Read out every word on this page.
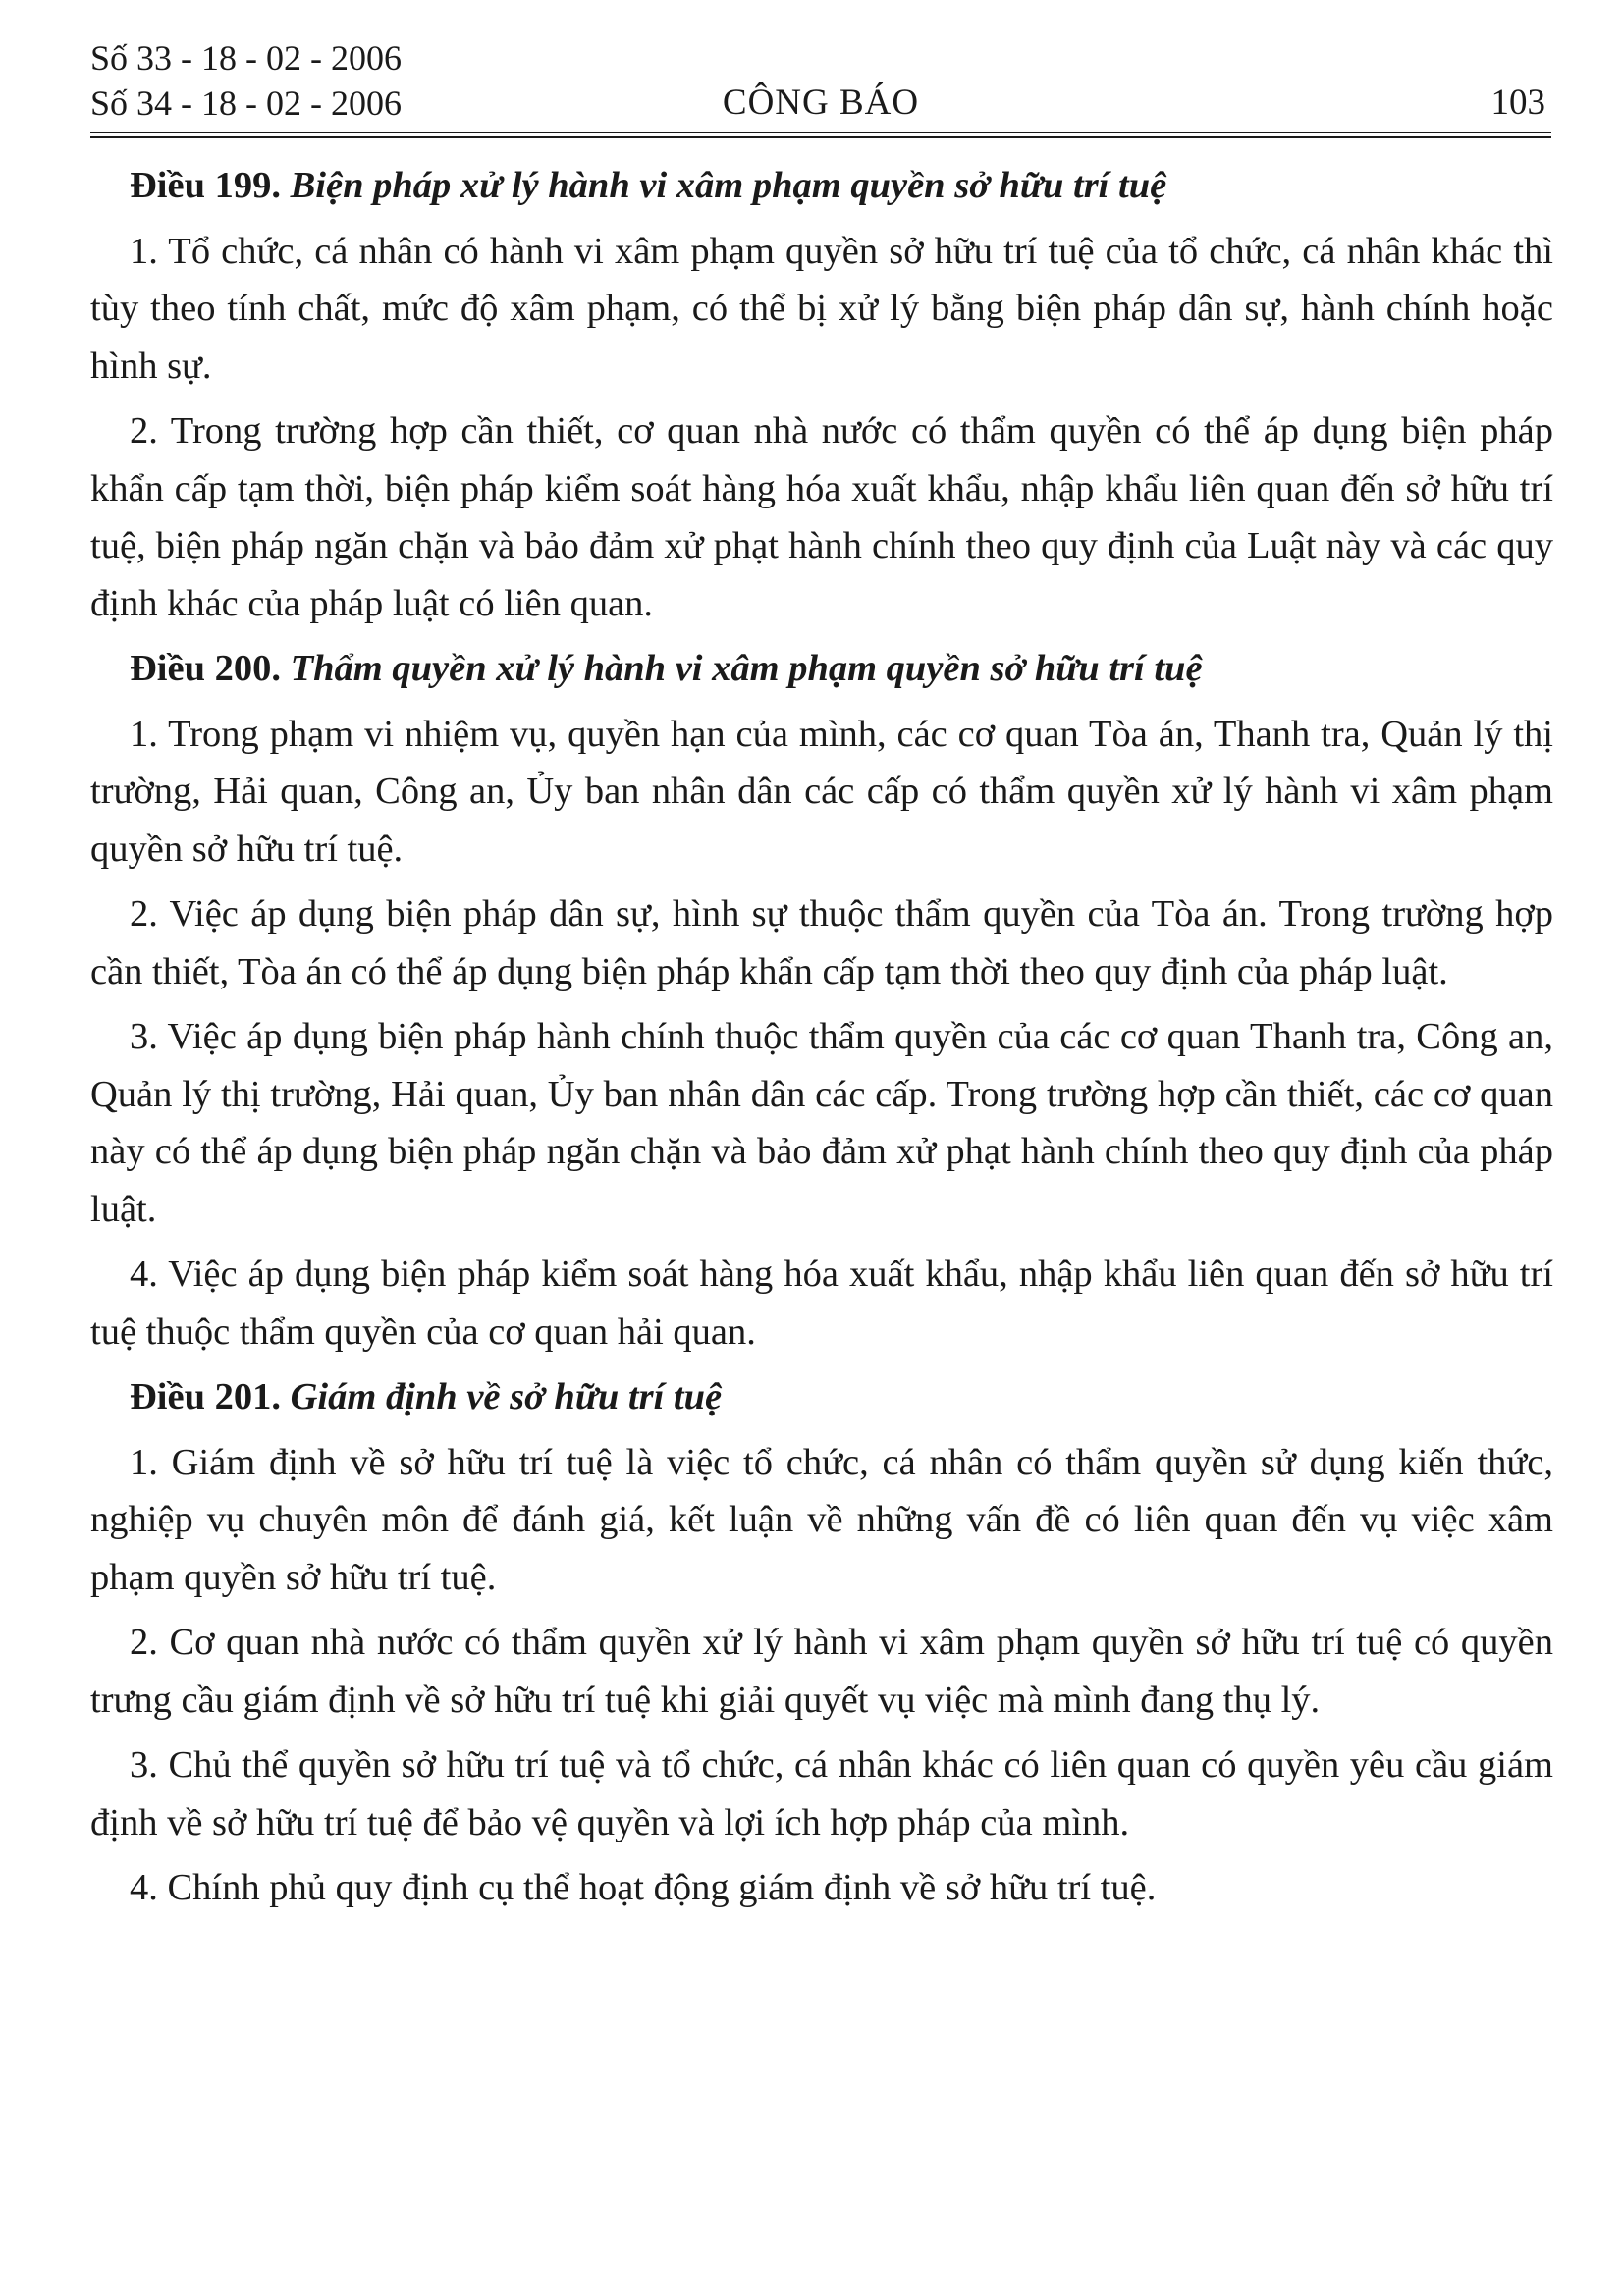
Số 33 - 18 - 02 - 2006
Số 34 - 18 - 02 - 2006	CÔNG BÁO	103

Điều 199. Biện pháp xử lý hành vi xâm phạm quyền sở hữu trí tuệ

1. Tổ chức, cá nhân có hành vi xâm phạm quyền sở hữu trí tuệ của tổ chức, cá nhân khác thì tùy theo tính chất, mức độ xâm phạm, có thể bị xử lý bằng biện pháp dân sự, hành chính hoặc hình sự.

2. Trong trường hợp cần thiết, cơ quan nhà nước có thẩm quyền có thể áp dụng biện pháp khẩn cấp tạm thời, biện pháp kiểm soát hàng hóa xuất khẩu, nhập khẩu liên quan đến sở hữu trí tuệ, biện pháp ngăn chặn và bảo đảm xử phạt hành chính theo quy định của Luật này và các quy định khác của pháp luật có liên quan.

Điều 200. Thẩm quyền xử lý hành vi xâm phạm quyền sở hữu trí tuệ

1. Trong phạm vi nhiệm vụ, quyền hạn của mình, các cơ quan Tòa án, Thanh tra, Quản lý thị trường, Hải quan, Công an, Ủy ban nhân dân các cấp có thẩm quyền xử lý hành vi xâm phạm quyền sở hữu trí tuệ.

2. Việc áp dụng biện pháp dân sự, hình sự thuộc thẩm quyền của Tòa án. Trong trường hợp cần thiết, Tòa án có thể áp dụng biện pháp khẩn cấp tạm thời theo quy định của pháp luật.

3. Việc áp dụng biện pháp hành chính thuộc thẩm quyền của các cơ quan Thanh tra, Công an, Quản lý thị trường, Hải quan, Ủy ban nhân dân các cấp. Trong trường hợp cần thiết, các cơ quan này có thể áp dụng biện pháp ngăn chặn và bảo đảm xử phạt hành chính theo quy định của pháp luật.

4. Việc áp dụng biện pháp kiểm soát hàng hóa xuất khẩu, nhập khẩu liên quan đến sở hữu trí tuệ thuộc thẩm quyền của cơ quan hải quan.

Điều 201. Giám định về sở hữu trí tuệ

1. Giám định về sở hữu trí tuệ là việc tổ chức, cá nhân có thẩm quyền sử dụng kiến thức, nghiệp vụ chuyên môn để đánh giá, kết luận về những vấn đề có liên quan đến vụ việc xâm phạm quyền sở hữu trí tuệ.

2. Cơ quan nhà nước có thẩm quyền xử lý hành vi xâm phạm quyền sở hữu trí tuệ có quyền trưng cầu giám định về sở hữu trí tuệ khi giải quyết vụ việc mà mình đang thụ lý.

3. Chủ thể quyền sở hữu trí tuệ và tổ chức, cá nhân khác có liên quan có quyền yêu cầu giám định về sở hữu trí tuệ để bảo vệ quyền và lợi ích hợp pháp của mình.

4. Chính phủ quy định cụ thể hoạt động giám định về sở hữu trí tuệ.
